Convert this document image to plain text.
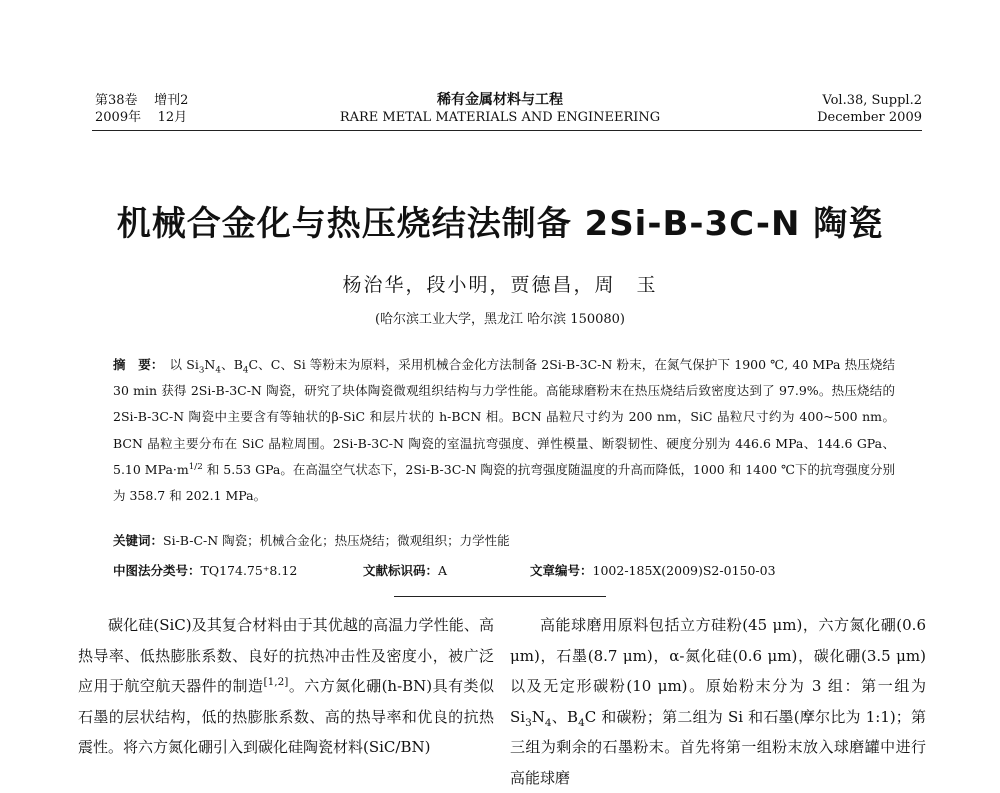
第38卷 增刊2
2009年 12月
稀有金属材料与工程
RARE METAL MATERIALS AND ENGINEERING
Vol.38, Suppl.2
December 2009
机械合金化与热压烧结法制备 2Si-B-3C-N 陶瓷
杨治华，段小明，贾德昌，周　玉
(哈尔滨工业大学，黑龙江 哈尔滨 150080)
摘　要： 以 $Si_3N_4$、$B_4C$、C、Si 等粉末为原料，采用机械合金化方法制备 2Si-B-3C-N 粉末，在氮气保护下 1900 ℃, 40 MPa 热压烧结 30 min 获得 2Si-B-3C-N 陶瓷，研究了块体陶瓷微观组织结构与力学性能。高能球磨粉末在热压烧结后致密度达到了 97.9%。热压烧结的 2Si-B-3C-N 陶瓷中主要含有等轴状的β-SiC 和层片状的 h-BCN 相。BCN 晶粒尺寸约为 200 nm，SiC 晶粒尺寸约为 400~500 nm。BCN 晶粒主要分布在 SiC 晶粒周围。2Si-B-3C-N 陶瓷的室温抗弯强度、弹性模量、断裂韧性、硬度分别为 446.6 MPa、144.6 GPa、5.10 $MPa\cdot m^{1/2}$ 和 5.53 GPa。在高温空气状态下，2Si-B-3C-N 陶瓷的抗弯强度随温度的升高而降低，1000 和 1400 ℃下的抗弯强度分别为 358.7 和 202.1 MPa。
关键词：Si-B-C-N 陶瓷；机械合金化；热压烧结；微观组织；力学性能
中图法分类号：TQ174.75⁺8.12	文献标识码：A	文章编号：1002-185X(2009)S2-0150-03

碳化硅(SiC)及其复合材料由于其优越的高温力学性能、高热导率、低热膨胀系数、良好的抗热冲击性及密度小，被广泛应用于航空航天器件的制造[1,2]。六方氮化硼(h-BN)具有类似石墨的层状结构，低的热膨胀系数、高的热导率和优良的抗热震性。将六方氮化硼引入到碳化硅陶瓷材料(SiC/BN)

高能球磨用原料包括立方硅粉(45 μm)，六方氮化硼(0.6 μm)，石墨(8.7 μm)，α-氮化硅(0.6 μm)，碳化硼(3.5 μm)以及无定形碳粉(10 μm)。原始粉末分为 3 组：第一组为 $Si_3N_4$、$B_4C$ 和碳粉；第二组为 Si 和石墨(摩尔比为 1:1)；第三组为剩余的石墨粉末。首先将第一组粉末放入球磨罐中进行高能球磨
